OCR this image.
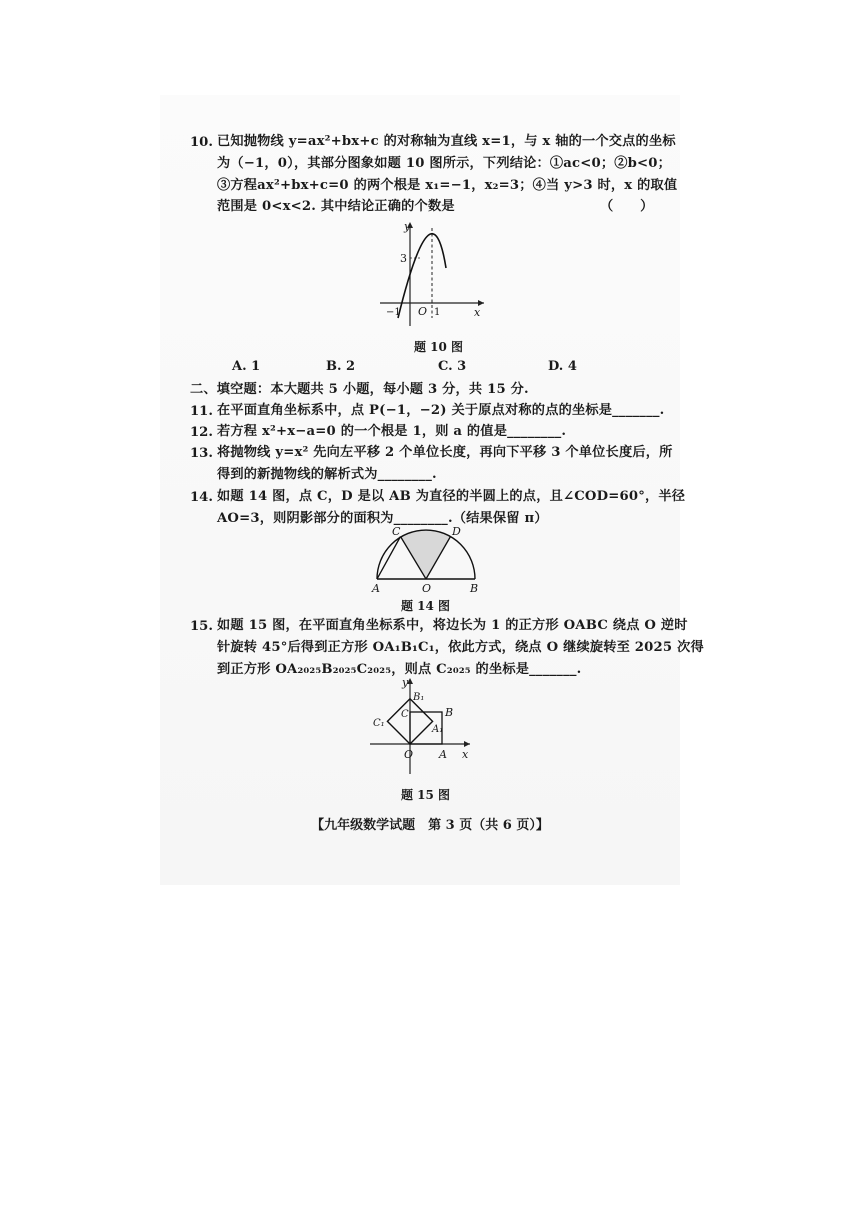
10. 已知抛物线 y=ax²+bx+c 的对称轴为直线 x=1，与 x 轴的一个交点的坐标
为（−1，0），其部分图象如题 10 图所示，下列结论：①ac<0；②b<0；
③方程ax²+bx+c=0 的两个根是 x₁=−1，x₂=3；④当 y>3 时，x 的取值
范围是 0<x<2. 其中结论正确的个数是	（　　）
y
x
3
O 1
−1
题 10 图
A. 1	B. 2	C. 3	D. 4
二、填空题：本大题共 5 小题，每小题 3 分，共 15 分.
11. 在平面直角坐标系中，点 P(−1，−2) 关于原点对称的点的坐标是_______.
12. 若方程 x²+x−a=0 的一个根是 1，则 a 的值是________.
13. 将抛物线 y=x² 先向左平移 2 个单位长度，再向下平移 3 个单位长度后，所
得到的新抛物线的解析式为________.
14. 如题 14 图，点 C，D 是以 AB 为直径的半圆上的点，且∠COD=60°，半径
AO=3，则阴影部分的面积为________.（结果保留 π）
A	O	B
C	D
题 14 图
15. 如题 15 图，在平面直角坐标系中，将边长为 1 的正方形 OABC 绕点 O 逆时
针旋转 45°后得到正方形 OA₁B₁C₁，依此方式，绕点 O 继续旋转至 2025 次得
到正方形 OA₂₀₂₅B₂₀₂₅C₂₀₂₅，则点 C₂₀₂₅ 的坐标是_______.
y
x
O A
B
C
A₁
B₁
C₁
题 15 图
【九年级数学试题　第 3 页（共 6 页）】
